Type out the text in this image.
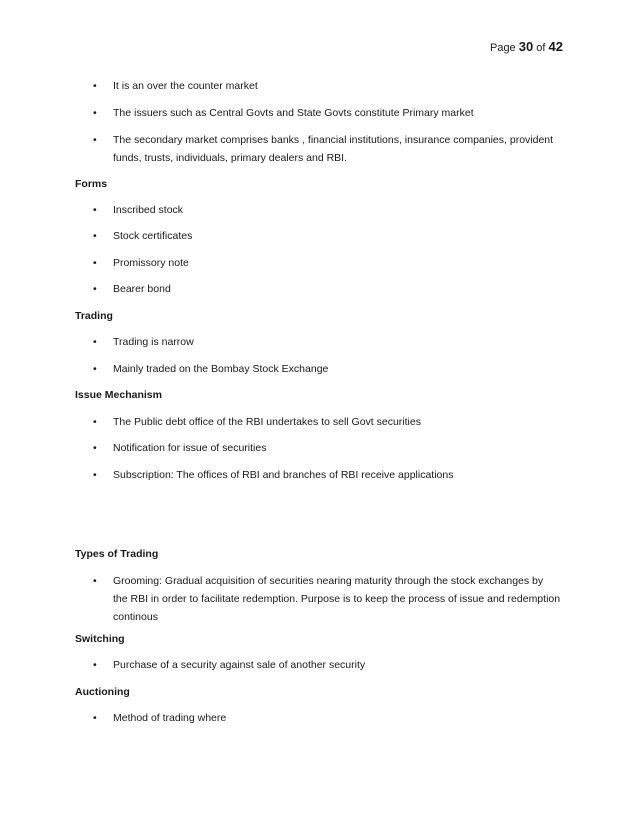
Page 30 of 42
• It is an over the counter market
• The issuers such as Central Govts and State Govts constitute Primary market
• The secondary market comprises banks , financial institutions, insurance companies, provident
funds, trusts, individuals, primary dealers and RBI.
Forms
• Inscribed stock
• Stock certificates
• Promissory note
• Bearer bond
Trading
• Trading is narrow
• Mainly traded on the Bombay Stock Exchange
Issue Mechanism
• The Public debt office of the RBI undertakes to sell Govt securities
• Notification for issue of securities
• Subscription: The offices of RBI and branches of RBI receive applications
Types of Trading
• Grooming: Gradual acquisition of securities nearing maturity through the stock exchanges by
the RBI in order to facilitate redemption. Purpose is to keep the process of issue and redemption
continous
Switching
• Purchase of a security against sale of another security
Auctioning
• Method of trading where
